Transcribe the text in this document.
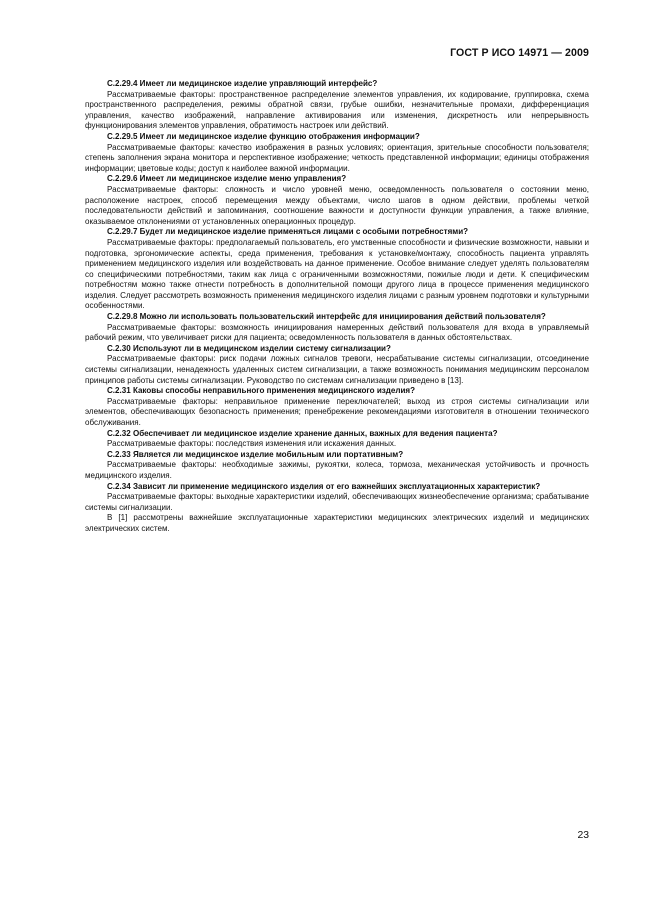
ГОСТ Р ИСО 14971 — 2009

С.2.29.4 Имеет ли медицинское изделие управляющий интерфейс?

Рассматриваемые факторы: пространственное распределение элементов управления, их кодирование, группировка, схема пространственного распределения, режимы обратной связи, грубые ошибки, незначительные промахи, дифференциация управления, качество изображений, направление активирования или изменения, дискретность или непрерывность функционирования элементов управления, обратимость настроек или действий.

С.2.29.5 Имеет ли медицинское изделие функцию отображения информации?

Рассматриваемые факторы: качество изображения в разных условиях; ориентация, зрительные способности пользователя; степень заполнения экрана монитора и перспективное изображение; четкость представленной информации; единицы отображения информации; цветовые коды; доступ к наиболее важной информации.

С.2.29.6 Имеет ли медицинское изделие меню управления?

Рассматриваемые факторы: сложность и число уровней меню, осведомленность пользователя о состоянии меню, расположение настроек, способ перемещения между объектами, число шагов в одном действии, проблемы четкой последовательности действий и запоминания, соотношение важности и доступности функции управления, а также влияние, оказываемое отклонениями от установленных операционных процедур.

С.2.29.7 Будет ли медицинское изделие применяться лицами с особыми потребностями?

Рассматриваемые факторы: предполагаемый пользователь, его умственные способности и физические возможности, навыки и подготовка, эргономические аспекты, среда применения, требования к установке/монтажу, способность пациента управлять применением медицинского изделия или воздействовать на данное применение. Особое внимание следует уделять пользователям со специфическими потребностями, таким как лица с ограниченными возможностями, пожилые люди и дети. К специфическим потребностям можно также отнести потребность в дополнительной помощи другого лица в процессе применения медицинского изделия. Следует рассмотреть возможность применения медицинского изделия лицами с разным уровнем подготовки и культурными особенностями.

С.2.29.8 Можно ли использовать пользовательский интерфейс для инициирования действий пользователя?

Рассматриваемые факторы: возможность инициирования намеренных действий пользователя для входа в управляемый рабочий режим, что увеличивает риски для пациента; осведомленность пользователя в данных обстоятельствах.

С.2.30 Используют ли в медицинском изделии систему сигнализации?

Рассматриваемые факторы: риск подачи ложных сигналов тревоги, несрабатывание системы сигнализации, отсоединение системы сигнализации, ненадежность удаленных систем сигнализации, а также возможность понимания медицинским персоналом принципов работы системы сигнализации. Руководство по системам сигнализации приведено в [13].

С.2.31 Каковы способы неправильного применения медицинского изделия?

Рассматриваемые факторы: неправильное применение переключателей; выход из строя системы сигнализации или элементов, обеспечивающих безопасность применения; пренебрежение рекомендациями изготовителя в отношении технического обслуживания.

С.2.32 Обеспечивает ли медицинское изделие хранение данных, важных для ведения пациента?

Рассматриваемые факторы: последствия изменения или искажения данных.

С.2.33 Является ли медицинское изделие мобильным или портативным?

Рассматриваемые факторы: необходимые зажимы, рукоятки, колеса, тормоза, механическая устойчивость и прочность медицинского изделия.

С.2.34 Зависит ли применение медицинского изделия от его важнейших эксплуатационных характеристик?

Рассматриваемые факторы: выходные характеристики изделий, обеспечивающих жизнеобеспечение организма; срабатывание системы сигнализации.

В [1] рассмотрены важнейшие эксплуатационные характеристики медицинских электрических изделий и медицинских электрических систем.

23
